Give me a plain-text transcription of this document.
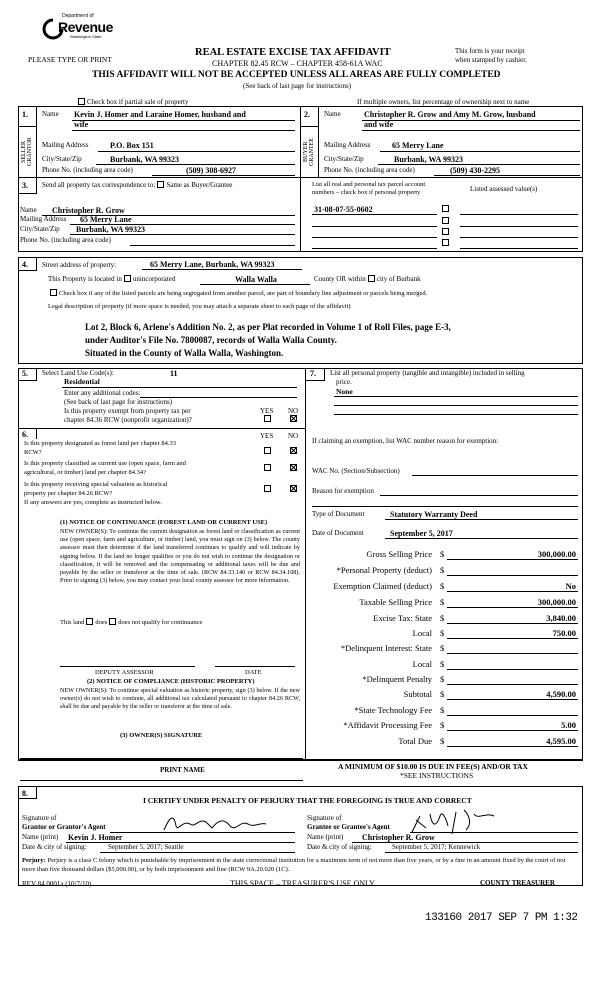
Department of
Revenue
Washington State
PLEASE TYPE OR PRINT
REAL ESTATE EXCISE TAX AFFIDAVIT
CHAPTER 82.45 RCW – CHAPTER 458-61A WAC
This form is your receipt
when stamped by cashier.
THIS AFFIDAVIT WILL NOT BE ACCEPTED UNLESS ALL AREAS ARE FULLY COMPLETED
(See back of last page for instructions)
Check box if partial sale of property	If multiple owners, list percentage of ownership next to name
1.
SELLER
GRANTOR
Name Kevin J. Homer and Laraine Homer, husband and
wife
Mailing Address	P.O. Box 151
City/State/Zip	Burbank, WA 99323
Phone No. (including area code)	(509) 308-6927
2.
BUYER
GRANTEE
Name	Christopher R. Grow and Amy M. Grow, husband
and wife
Mailing Address	65 Merry Lane
City/State/Zip	Burbank, WA 99323
Phone No. (including area code)	(509) 430-2295
3. Send all property tax correspondence to: Same as Buyer/Grantee
Name Christopher R. Grow
Mailing Address 65 Merry Lane
City/State/Zip Burbank, WA 99323
Phone No. (including area code)
List all real and personal tax parcel account
numbers – check box if personal property	Listed assessed value(s)
31-08-07-55-0602
4. Street address of property:	65 Merry Lane, Burbank, WA 99323
This Property is located in unincorporated	Walla Walla	County OR within city of Burbank
Check box if any of the listed parcels are being segregated from another parcel, are part of boundary line adjustment or parcels being merged.
Legal description of property (if more space is needed, you may attach a separate sheet to each page of the affidavit)
Lot 2, Block 6, Arlene's Addition No. 2, as per Plat recorded in Volume 1 of Roll Files, page E-3,
under Auditor's File No. 7800087, records of Walla Walla County.
Situated in the County of Walla Walla, Washington.
5. Select Land Use Code(s):	11
Residential
Enter any additional codes:
(See back of last page for instructions)
Is this property exempt from property tax per
chapter 84.36 RCW (nonprofit organization)?
YES NO
6.	YES NO
Is this property designated as forest land per chapter 84.33
RCW?
Is this property classified as current use (open space, farm and
agricultural, or timber) land per chapter 84.34?
Is this property receiving special valuation as historical
property per chapter 84.26 RCW?
If any answers are yes, complete as instructed below.
(1) NOTICE OF CONTINUANCE (FOREST LAND OR CURRENT USE)
NEW OWNER(S): To continue the current designation as forest land or classification as current use (open space, farm and agriculture, or timber) land, you must sign on (3) below. The county assessor must then determine if the land transferred continues to qualify and will indicate by signing below. If the land no longer qualifies or you do not wish to continue the designation or classification, it will be removed and the compensating or additional taxes will be due and payable by the seller or transferor at the time of sale. (RCW 84.33.140 or RCW 84.34.108). Prior to signing (3) below, you may contact your local county assessor for more information.
This land does does not qualify for continuance
DEPUTY ASSESSOR	DATE
(2) NOTICE OF COMPLIANCE (HISTORIC PROPERTY)
NEW OWNER(S): To continue special valuation as historic property, sign (3) below. If the new owner(s) do not wish to continue, all additional tax calculated pursuant to chapter 84.26 RCW, shall be due and payable by the seller or transferor at the time of sale.
(3) OWNER(S) SIGNATURE
PRINT NAME
7. List all personal property (tangible and intangible) included in selling
price.
None
If claiming an exemption, list WAC number reason for exemption:
WAC No. (Section/Subsection)
Reason for exemption
Type of Document	Statutory Warranty Deed
Date of Document	September 5, 2017
Gross Selling Price $	300,000.00
*Personal Property (deduct) $
Exemption Claimed (deduct) $	No
Taxable Selling Price $	300,000.00
Excise Tax: State $	3,840.00
Local $	750.00
*Delinquent Interest: State $
Local $
*Delinquent Penalty $
Subtotal $	4,590.00
*State Technology Fee $
*Affidavit Processing Fee $	5.00
Total Due $	4,595.00
A MINIMUM OF $10.00 IS DUE IN FEE(S) AND/OR TAX
*SEE INSTRUCTIONS
8.
I CERTIFY UNDER PENALTY OF PERJURY THAT THE FOREGOING IS TRUE AND CORRECT
Signature of
Grantor or Grantor's Agent
Name (print) Kevin J. Homer
Date & city of signing:	September 5, 2017; Seattle
Signature of
Grantee or Grantee's Agent
Name (print) Christopher R. Grow
Date & city of signing:	September 5, 2017; Kennewick
Perjury: Perjury is a class C felony which is punishable by imprisonment in the state correctional institution for a maximum term of not more than five years, or by a fine in an amount fixed by the court of not more than five thousand dollars ($5,000.00), or by both imprisonment and fine (RCW 9A.20.020 (1C).
REV 84 0001a (10/7/10)	THIS SPACE – TREASURER'S USE ONLY	COUNTY TREASURER
133160 2017 SEP 7 PM 1:32
